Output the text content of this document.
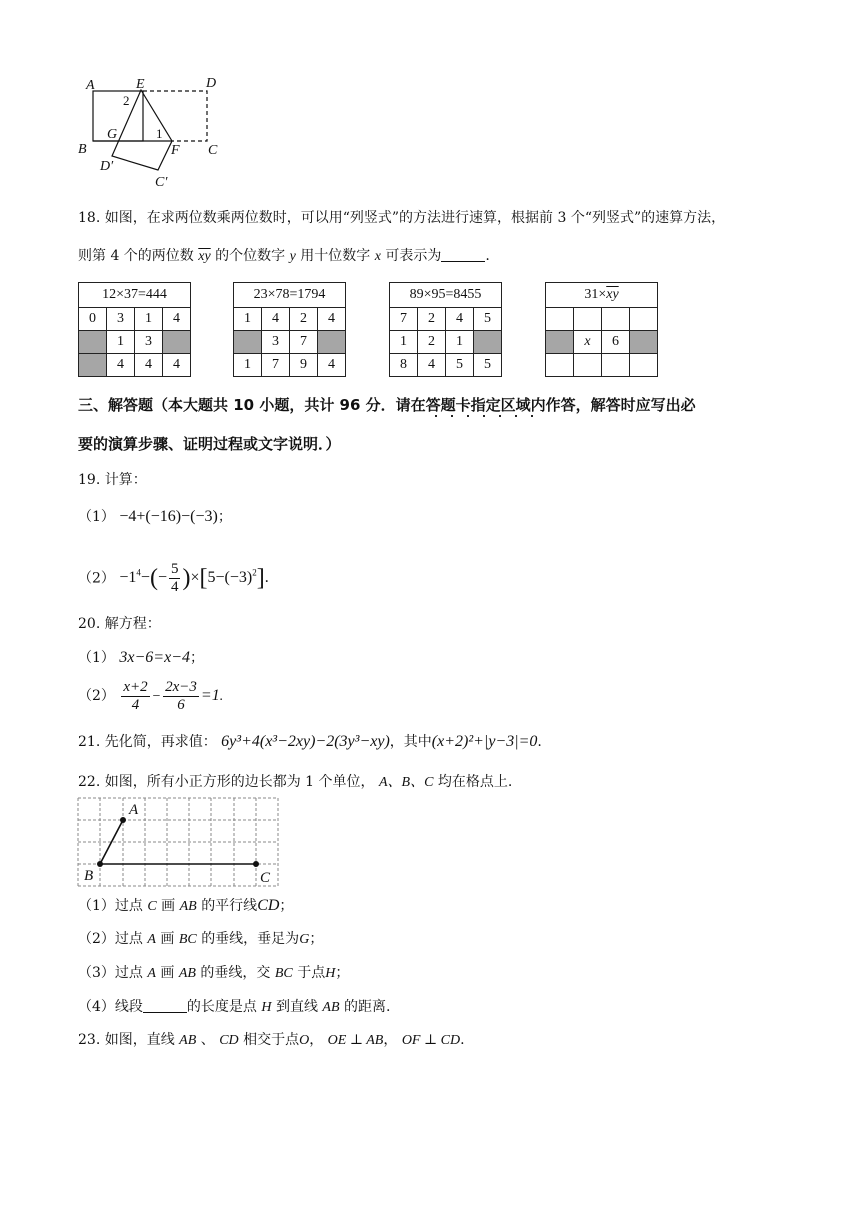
A	E	D
2
G	1
B	F C
D′
C′
18. 如图，在求两位数乘两位数时，可以用“列竖式”的方法进行速算，根据前 3 个“列竖式”的速算方法，
则第 4 个的两位数 $\overline{xy}$ 的个位数字 y 用十位数字 x 可表示为	.
12×37=444			
0	3	1	4
	1	3	
	4	4	4
23×78=1794			
1	4	2	4
	3	7	
1	7	9	4
89×95=8455			
7	2	4	5
1	2	1	
8	4	5	5
$31\times\overline{xy}$

	x	6	

三、解答题（本大题共 10 小题，共计 96 分．请在答题卡指定区域内作答，解答时应写出必
要的演算步骤、证明过程或文字说明．）
19. 计算：
（1） −4+(−16)−(−3)；
$(2) -1^4-(- \frac{5}{4} )\times[5-(-3)^2]$.
20. 解方程：
（1） 3x−6=x−4；
$(2) \frac{x+2}{4} - \frac{2x-3}{6} =1$.
21. 先化简，再求值： 6y³+4(x³−2xy)−2(3y³−xy)，其中(x+2)²+|y−3|=0.
22. 如图，所有小正方形的边长都为 1 个单位， A、B、C 均在格点上.
A
B	C
（1）过点 C 画 AB 的平行线CD；
（2）过点 A 画 BC 的垂线，垂足为G；
（3）过点 A 画 AB 的垂线，交 BC 于点H；
（4）线段	的长度是点 H 到直线 AB 的距离.
23. 如图，直线 AB 、 CD 相交于点O， OE ⊥ AB， OF ⊥ CD.
